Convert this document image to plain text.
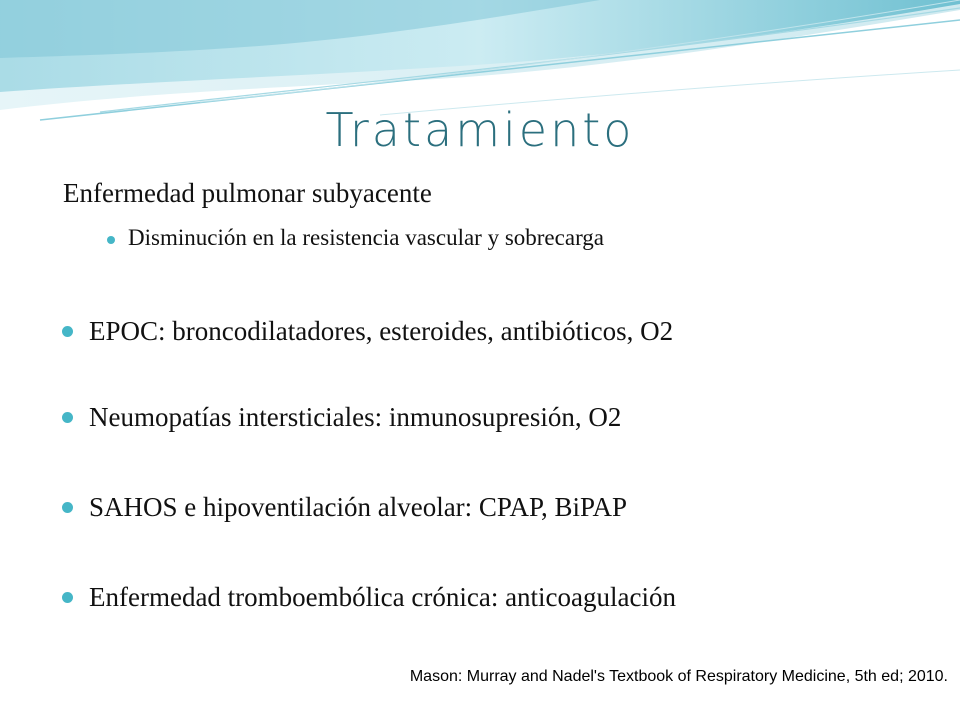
Tratamiento
Enfermedad pulmonar subyacente
Disminución en la resistencia vascular y sobrecarga
EPOC: broncodilatadores, esteroides, antibióticos, O2
Neumopatías intersticiales: inmunosupresión, O2
SAHOS e hipoventilación alveolar: CPAP, BiPAP
Enfermedad tromboembólica crónica: anticoagulación
Mason: Murray and Nadel's Textbook of Respiratory Medicine, 5th ed; 2010.
